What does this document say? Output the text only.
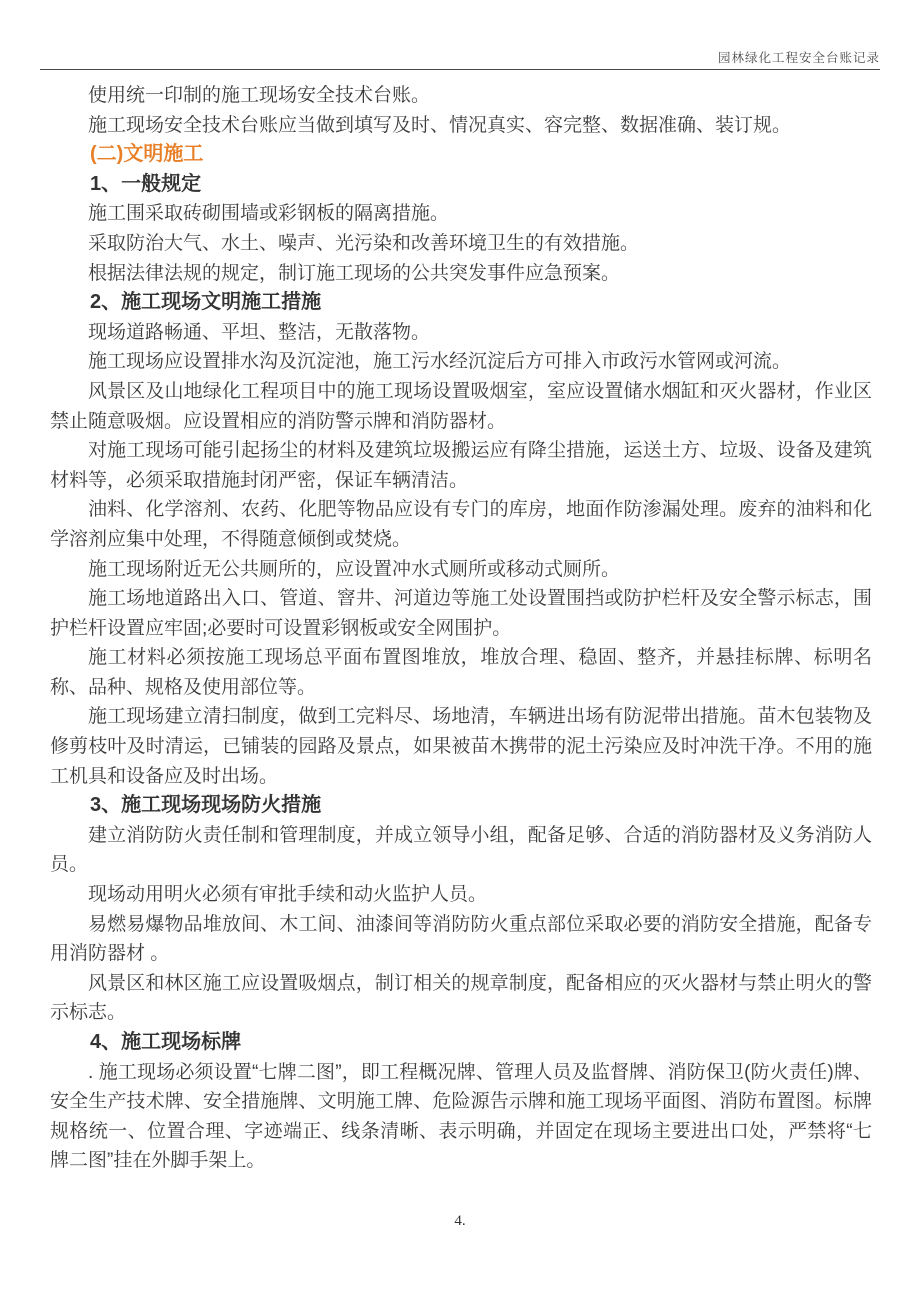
园林绿化工程安全台账记录

使用统一印制的施工现场安全技术台账。

施工现场安全技术台账应当做到填写及时、情况真实、容完整、数据准确、装订规。

(二)文明施工

1、一般规定

施工围采取砖砌围墙或彩钢板的隔离措施。

采取防治大气、水土、噪声、光污染和改善环境卫生的有效措施。

根据法律法规的规定，制订施工现场的公共突发事件应急预案。

2、施工现场文明施工措施

现场道路畅通、平坦、整洁，无散落物。

施工现场应设置排水沟及沉淀池，施工污水经沉淀后方可排入市政污水管网或河流。

风景区及山地绿化工程项目中的施工现场设置吸烟室，室应设置储水烟缸和灭火器材，作业区禁止随意吸烟。应设置相应的消防警示牌和消防器材。

对施工现场可能引起扬尘的材料及建筑垃圾搬运应有降尘措施，运送土方、垃圾、设备及建筑材料等，必须采取措施封闭严密，保证车辆清洁。

油料、化学溶剂、农药、化肥等物品应设有专门的库房，地面作防渗漏处理。废弃的油料和化学溶剂应集中处理，不得随意倾倒或焚烧。

施工现场附近无公共厕所的，应设置冲水式厕所或移动式厕所。

施工场地道路出入口、管道、窨井、河道边等施工处设置围挡或防护栏杆及安全警示标志，围护栏杆设置应牢固;必要时可设置彩钢板或安全网围护。

施工材料必须按施工现场总平面布置图堆放，堆放合理、稳固、整齐，并悬挂标牌、标明名称、品种、规格及使用部位等。

施工现场建立清扫制度，做到工完料尽、场地清，车辆进出场有防泥带出措施。苗木包装物及修剪枝叶及时清运，已铺装的园路及景点，如果被苗木携带的泥土污染应及时冲洗干净。不用的施工机具和设备应及时出场。

3、施工现场现场防火措施

建立消防防火责任制和管理制度，并成立领导小组，配备足够、合适的消防器材及义务消防人员。

现场动用明火必须有审批手续和动火监护人员。

易燃易爆物品堆放间、木工间、油漆间等消防防火重点部位采取必要的消防安全措施，配备专用消防器材 。

风景区和林区施工应设置吸烟点，制订相关的规章制度，配备相应的灭火器材与禁止明火的警示标志。

4、施工现场标牌

. 施工现场必须设置“七牌二图”，即工程概况牌、管理人员及监督牌、消防保卫(防火责任)牌、安全生产技术牌、安全措施牌、文明施工牌、危险源告示牌和施工现场平面图、消防布置图。标牌规格统一、位置合理、字迹端正、线条清晰、表示明确，并固定在现场主要进出口处，严禁将“七牌二图”挂在外脚手架上。

4.
